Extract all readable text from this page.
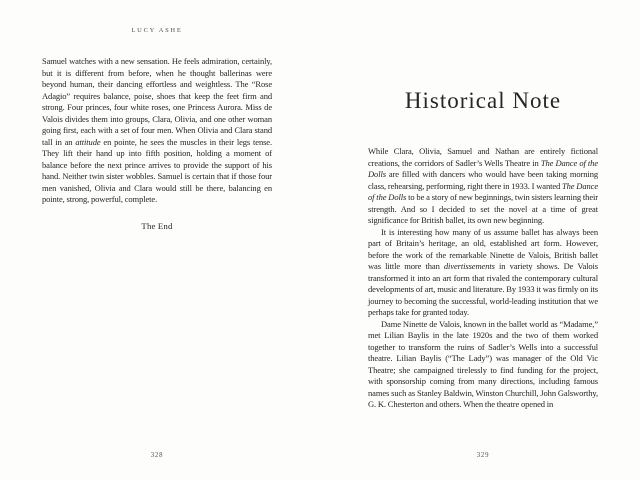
LUCY ASHE

Samuel watches with a new sensation. He feels admiration, certainly, but it is different from before, when he thought ballerinas were beyond human, their dancing effortless and weightless. The “Rose Adagio” requires balance, poise, shoes that keep the feet firm and strong. Four princes, four white roses, one Princess Aurora. Miss de Valois divides them into groups, Clara, Olivia, and one other woman going first, each with a set of four men. When Olivia and Clara stand tall in an attitude en pointe, he sees the muscles in their legs tense. They lift their hand up into fifth position, holding a moment of balance before the next prince arrives to provide the support of his hand. Neither twin sister wobbles. Samuel is certain that if those four men vanished, Olivia and Clara would still be there, balancing en pointe, strong, powerful, complete.

The End

328
Historical Note

While Clara, Olivia, Samuel and Nathan are entirely fictional creations, the corridors of Sadler’s Wells Theatre in The Dance of the Dolls are filled with dancers who would have been taking morning class, rehearsing, performing, right there in 1933. I wanted The Dance of the Dolls to be a story of new beginnings, twin sisters learning their strength. And so I decided to set the novel at a time of great significance for British ballet, its own new beginning.

It is interesting how many of us assume ballet has always been part of Britain’s heritage, an old, established art form. However, before the work of the remarkable Ninette de Valois, British ballet was little more than divertissements in variety shows. De Valois transformed it into an art form that rivaled the contemporary cultural developments of art, music and literature. By 1933 it was firmly on its journey to becoming the successful, world-leading institution that we perhaps take for granted today.

Dame Ninette de Valois, known in the ballet world as “Madame,” met Lilian Baylis in the late 1920s and the two of them worked together to transform the ruins of Sadler’s Wells into a successful theatre. Lilian Baylis (“The Lady”) was manager of the Old Vic Theatre; she campaigned tirelessly to find funding for the project, with sponsorship coming from many directions, including famous names such as Stanley Baldwin, Winston Churchill, John Galsworthy, G. K. Chesterton and others. When the theatre opened in

329
